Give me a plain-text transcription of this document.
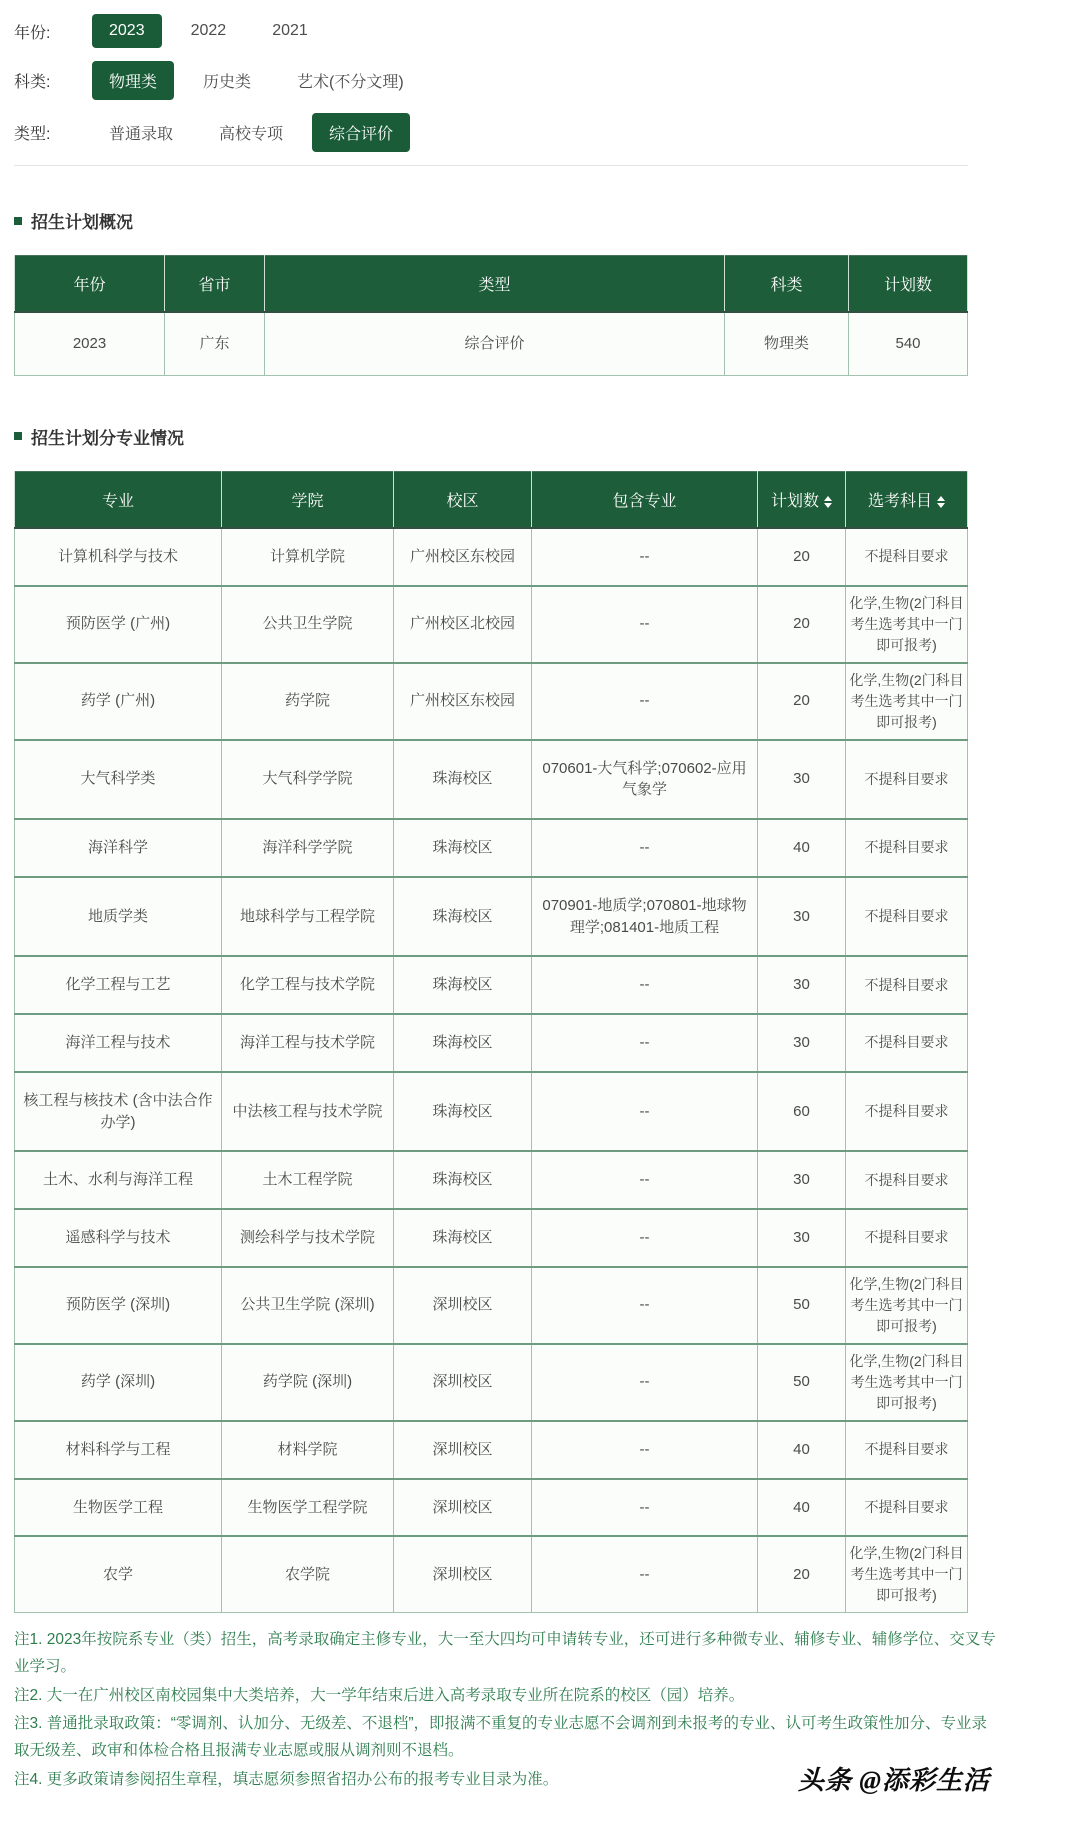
年份:	2023	2022	2021
科类:	物理类	历史类	艺术(不分文理)
类型:	普通录取	高校专项	综合评价
招生计划概况
年份	省市	类型	科类	计划数
2023	广东	综合评价	物理类	540
招生计划分专业情况
专业	学院	校区	包含专业	计划数	选考科目

计算机科学与技术	计算机学院	广州校区东校园	--	20	不提科目要求
预防医学 (广州)	公共卫生学院	广州校区北校园	--	20	化学,生物(2门科目考生选考其中一门即可报考)
药学 (广州)	药学院	广州校区东校园	--	20	化学,生物(2门科目考生选考其中一门即可报考)
大气科学类	大气科学学院	珠海校区	070601-大气科学;070602-应用气象学	30	不提科目要求
海洋科学	海洋科学学院	珠海校区	--	40	不提科目要求
地质学类	地球科学与工程学院	珠海校区	070901-地质学;070801-地球物理学;081401-地质工程	30	不提科目要求
化学工程与工艺	化学工程与技术学院	珠海校区	--	30	不提科目要求
海洋工程与技术	海洋工程与技术学院	珠海校区	--	30	不提科目要求
核工程与核技术 (含中法合作办学)	中法核工程与技术学院	珠海校区	--	60	不提科目要求
土木、水利与海洋工程	土木工程学院	珠海校区	--	30	不提科目要求
遥感科学与技术	测绘科学与技术学院	珠海校区	--	30	不提科目要求
预防医学 (深圳)	公共卫生学院 (深圳)	深圳校区	--	50	化学,生物(2门科目考生选考其中一门即可报考)
药学 (深圳)	药学院 (深圳)	深圳校区	--	50	化学,生物(2门科目考生选考其中一门即可报考)
材料科学与工程	材料学院	深圳校区	--	40	不提科目要求
生物医学工程	生物医学工程学院	深圳校区	--	40	不提科目要求
农学	农学院	深圳校区	--	20	化学,生物(2门科目考生选考其中一门即可报考)

注1. 2023年按院系专业（类）招生，高考录取确定主修专业，大一至大四均可申请转专业，还可进行多种微专业、辅修专业、辅修学位、交叉专业学习。

注2. 大一在广州校区南校园集中大类培养，大一学年结束后进入高考录取专业所在院系的校区（园）培养。

注3. 普通批录取政策：“零调剂、认加分、无级差、不退档”，即报满不重复的专业志愿不会调剂到未报考的专业、认可考生政策性加分、专业录取无级差、政审和体检合格且报满专业志愿或服从调剂则不退档。

注4. 更多政策请参阅招生章程，填志愿须参照省招办公布的报考专业目录为准。	头条 @添彩生活
